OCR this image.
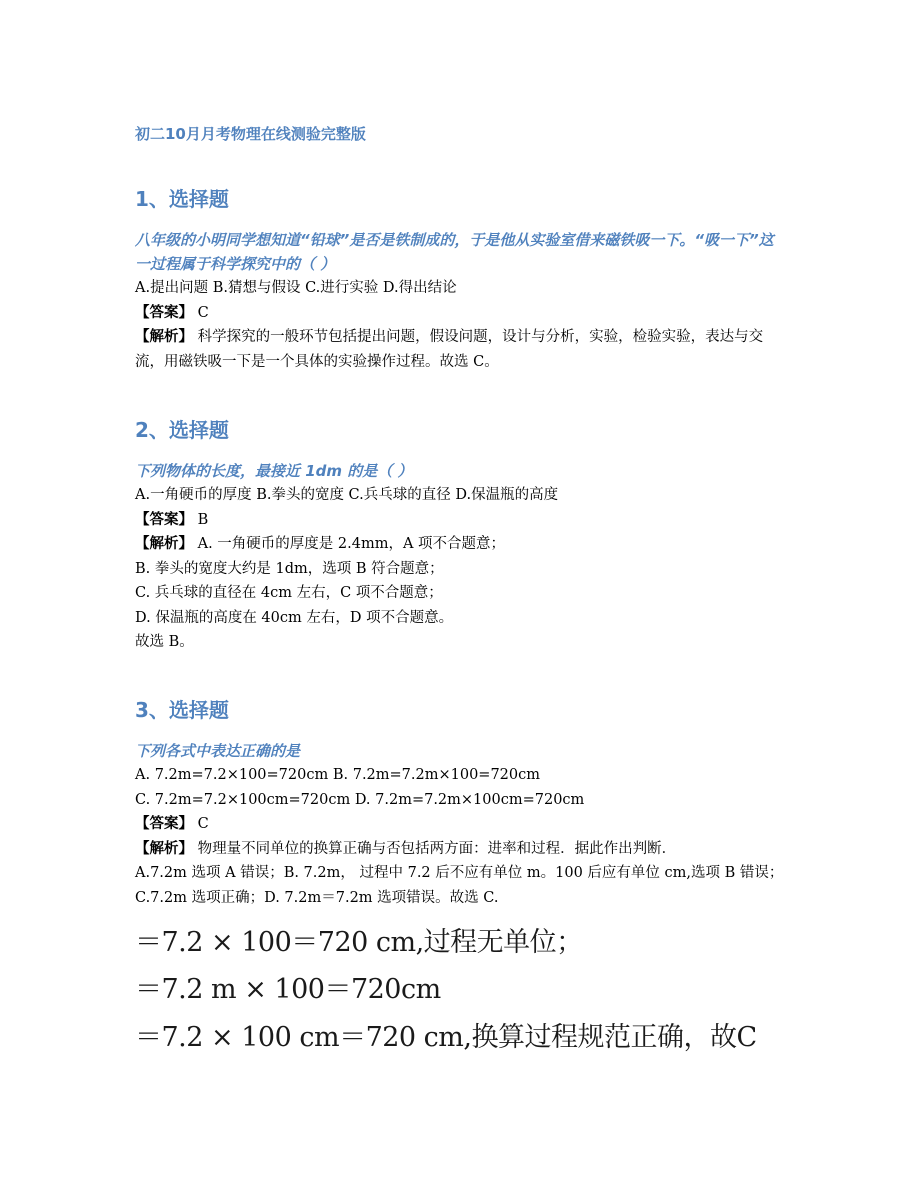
初二10月月考物理在线测验完整版
1、选择题
八年级的小明同学想知道“铅球”是否是铁制成的，于是他从实验室借来磁铁吸一下。“吸一下”这一过程属于科学探究中的（ ）
A.提出问题 B.猜想与假设 C.进行实验 D.得出结论
【答案】 C
【解析】 科学探究的一般环节包括提出问题，假设问题，设计与分析，实验，检验实验，表达与交流，用磁铁吸一下是一个具体的实验操作过程。故选 C。
2、选择题
下列物体的长度，最接近 1dm 的是（ ）
A.一角硬币的厚度 B.拳头的宽度 C.兵乓球的直径 D.保温瓶的高度
【答案】 B
【解析】 A. 一角硬币的厚度是 2.4mm，A 项不合题意；
B. 拳头的宽度大约是 1dm，选项 B 符合题意；
C. 兵乓球的直径在 4cm 左右，C 项不合题意；
D. 保温瓶的高度在 40cm 左右，D 项不合题意。
故选 B。
3、选择题
下列各式中表达正确的是
A. 7.2m=7.2×100=720cm B. 7.2m=7.2m×100=720cm
C. 7.2m=7.2×100cm=720cm D. 7.2m=7.2m×100cm=720cm
【答案】 C
【解析】 物理量不同单位的换算正确与否包括两方面：进率和过程．据此作出判断．
A.7.2m 选项 A 错误；B. 7.2m， 过程中 7.2 后不应有单位 m。100 后应有单位 cm,选项 B 错误；C.7.2m 选项正确；D. 7.2m＝7.2m 选项错误。故选 C.
＝7.2 × 100＝720 cm,过程无单位；
＝7.2 m × 100＝720cm
＝7.2 × 100 cm＝720 cm,换算过程规范正确，故C
